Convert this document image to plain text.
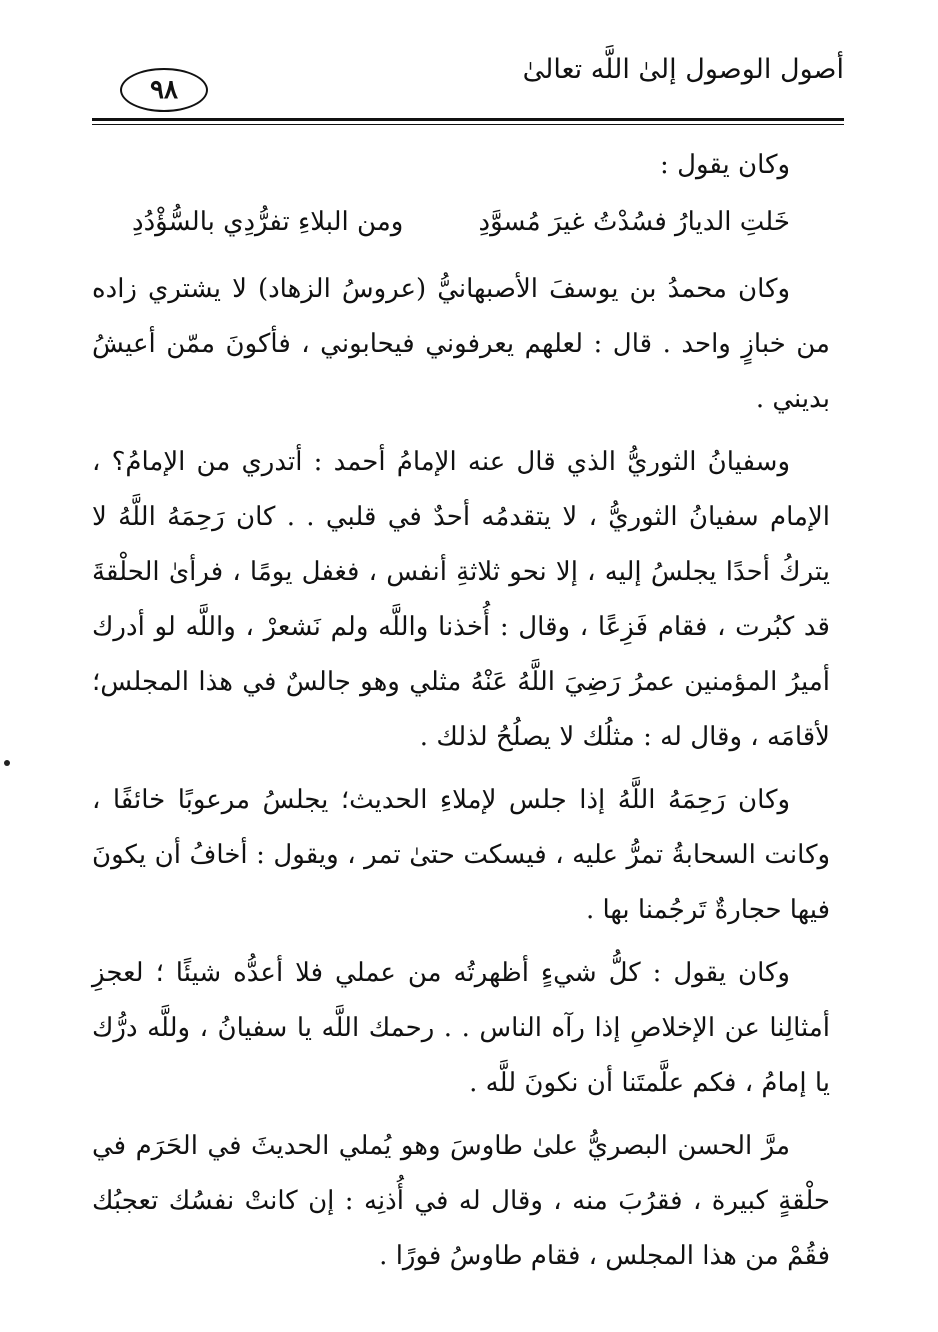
أصول الوصول إلىٰ اللَّه تعالىٰ
٩٨

وكان يقول :

خَلتِ الديارُ فسُدْتُ غيرَ مُسوَّدِ
ومن البلاءِ تفرُّدِي بالسُّؤْدُدِ

وكان محمدُ بن يوسفَ الأصبهانيُّ (عروسُ الزهاد) لا يشتري زاده من خبازٍ واحد . قال : لعلهم يعرفوني فيحابوني ، فأكونَ ممّن أعيشُ بديني .

وسفيانُ الثوريُّ الذي قال عنه الإمامُ أحمد : أتدري من الإمامُ؟ ، الإمام سفيانُ الثوريُّ ، لا يتقدمُه أحدٌ في قلبي . . كان رَحِمَهُ اللَّهُ لا يتركُ أحدًا يجلسُ إليه ، إلا نحو ثلاثةِ أنفس ، فغفل يومًا ، فرأىٰ الحلْقةَ قد كبُرت ، فقام فَزِعًا ، وقال : أُخذنا واللَّه ولم نَشعرْ ، واللَّه لو أدرك أميرُ المؤمنين عمرُ رَضِيَ اللَّهُ عَنْهُ مثلي وهو جالسٌ في هذا المجلس؛ لأقامَه ، وقال له : مثلُك لا يصلُحُ لذلك .

وكان رَحِمَهُ اللَّهُ إذا جلس لإملاءِ الحديث؛ يجلسُ مرعوبًا خائفًا ، وكانت السحابةُ تمرُّ عليه ، فيسكت حتىٰ تمر ، ويقول : أخافُ أن يكونَ فيها حجارةٌ تَرجُمنا بها .

وكان يقول : كلُّ شيءٍ أظهرتُه من عملي فلا أعدُّه شيئًا ؛ لعجزِ أمثالِنا عن الإخلاصِ إذا رآه الناس . . رحمك اللَّه يا سفيانُ ، وللَّه درُّك يا إمامُ ، فكم علَّمتَنا أن نكونَ للَّه .

مرَّ الحسن البصريُّ علىٰ طاوسَ وهو يُملي الحديثَ في الحَرَم في حلْقةٍ كبيرة ، فقرُبَ منه ، وقال له في أُذنِه : إن كانتْ نفسُك تعجبُك فقُمْ من هذا المجلس ، فقام طاوسُ فورًا .
